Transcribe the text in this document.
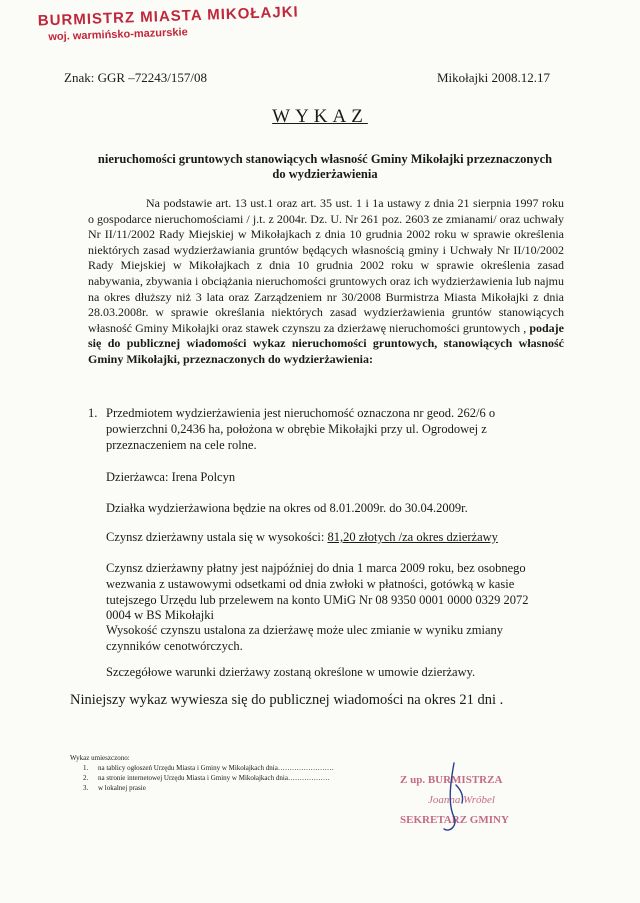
BURMISTRZ MIASTA MIKOŁAJKI
woj. warmińsko-mazurskie
Znak: GGR –72243/157/08	Mikołajki 2008.12.17
WYKAZ
nieruchomości gruntowych stanowiących własność Gminy Mikołajki przeznaczonych
do wydzierżawienia
Na podstawie art. 13 ust.1 oraz art. 35 ust. 1 i 1a ustawy z dnia 21 sierpnia 1997 roku o gospodarce nieruchomościami / j.t. z 2004r. Dz. U. Nr 261 poz. 2603 ze zmianami/ oraz uchwały Nr II/11/2002 Rady Miejskiej w Mikołajkach z dnia 10 grudnia 2002 roku w sprawie określenia niektórych zasad wydzierżawiania gruntów będących własnością gminy i Uchwały Nr II/10/2002 Rady Miejskiej w Mikołajkach z dnia 10 grudnia 2002 roku w sprawie określenia zasad nabywania, zbywania i obciążania nieruchomości gruntowych oraz ich wydzierżawienia lub najmu na okres dłuższy niż 3 lata oraz Zarządzeniem nr 30/2008 Burmistrza Miasta Mikołajki z dnia 28.03.2008r. w sprawie określania niektórych zasad wydzierżawienia gruntów stanowiących własność Gminy Mikołajki oraz stawek czynszu za dzierżawę nieruchomości gruntowych , podaje się do publicznej wiadomości wykaz nieruchomości gruntowych, stanowiących własność Gminy Mikołajki, przeznaczonych do wydzierżawienia:
1. Przedmiotem wydzierżawienia jest nieruchomość oznaczona nr geod. 262/6 o powierzchni 0,2436 ha, położona w obrębie Mikołajki przy ul. Ogrodowej z przeznaczeniem na cele rolne.
Dzierżawca: Irena Polcyn
Działka wydzierżawiona będzie na okres od 8.01.2009r. do 30.04.2009r.
Czynsz dzierżawny ustala się w wysokości: 81,20 złotych /za okres dzierżawy
Czynsz dzierżawny płatny jest najpóźniej do dnia 1 marca 2009 roku, bez osobnego wezwania z ustawowymi odsetkami od dnia zwłoki w płatności, gotówką w kasie tutejszego Urzędu lub przelewem na konto UMiG Nr 08 9350 0001 0000 0329 2072 0004 w BS Mikołajki
Wysokość czynszu ustalona za dzierżawę może ulec zmianie w wyniku zmiany czynników cenotwórczych.
Szczegółowe warunki dzierżawy zostaną określone w umowie dzierżawy.
Niniejszy wykaz wywiesza się do publicznej wiadomości na okres 21 dni .
Wykaz umieszczono:
1. na tablicy ogłoszeń Urzędu Miasta i Gminy w Mikołajkach dnia……………………
2. na stronie internetowej Urzędu Miasta i Gminy w Mikołajkach dnia………………
3. w lokalnej prasie
Z up. BURMISTRZA
Joanna Wróbel
SEKRETARZ GMINY
